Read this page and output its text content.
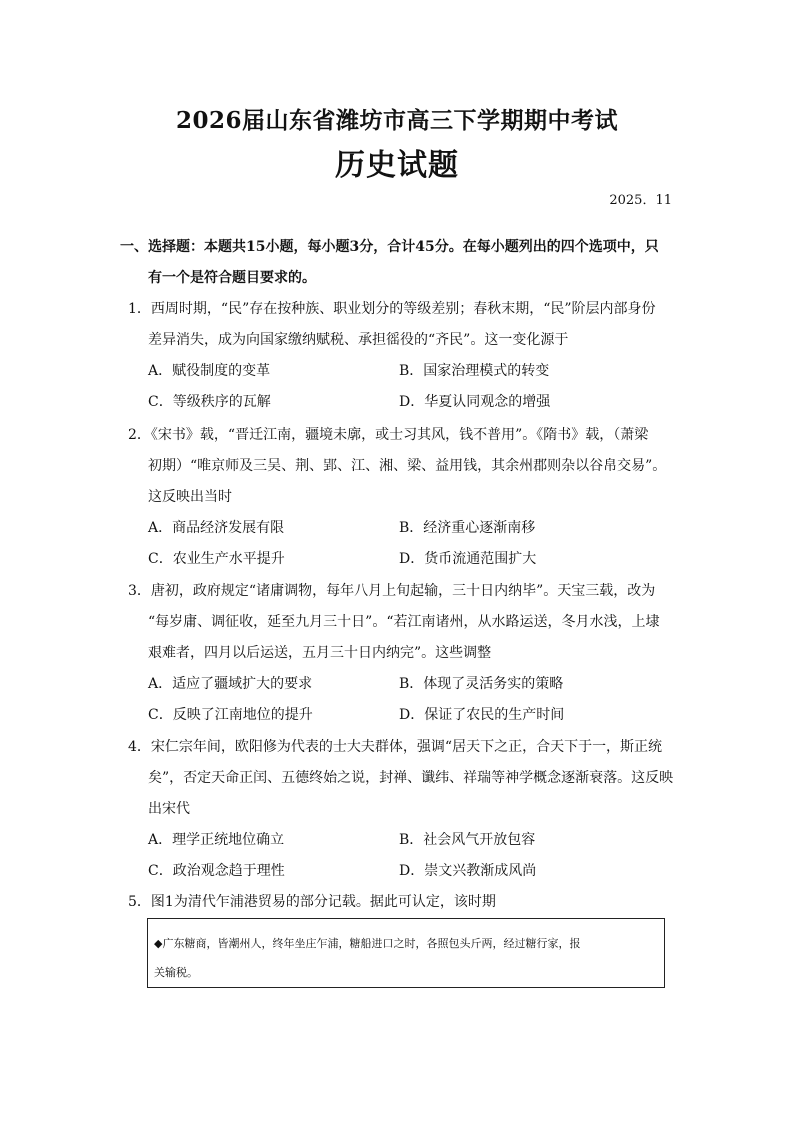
2026届山东省潍坊市高三下学期期中考试
历史试题
2025．11
一、选择题：本题共15小题，每小题3分，合计45分。在每小题列出的四个选项中，只
有一个是符合题目要求的。
1．西周时期，“民”存在按种族、职业划分的等级差别；春秋末期，“民”阶层内部身份
差异消失，成为向国家缴纳赋税、承担徭役的“齐民”。这一变化源于
A．赋役制度的变革	B．国家治理模式的转变
C．等级秩序的瓦解	D．华夏认同观念的增强
2．《宋书》载，“晋迁江南，疆境未廓，或士习其风，钱不普用”。《隋书》载，（萧梁
初期）“唯京师及三吴、荆、郢、江、湘、梁、益用钱，其余州郡则杂以谷帛交易”。
这反映出当时
A．商品经济发展有限	B．经济重心逐渐南移
C．农业生产水平提升	D．货币流通范围扩大
3．唐初，政府规定“诸庸调物，每年八月上旬起输，三十日内纳毕”。天宝三载，改为
“每岁庸、调征收，延至九月三十日”。“若江南诸州，从水路运送，冬月水浅，上埭
艰难者，四月以后运送，五月三十日内纳完”。这些调整
A．适应了疆域扩大的要求	B．体现了灵活务实的策略
C．反映了江南地位的提升	D．保证了农民的生产时间
4．宋仁宗年间，欧阳修为代表的士大夫群体，强调“居天下之正，合天下于一，斯正统
矣”，否定天命正闰、五德终始之说，封禅、谶纬、祥瑞等神学概念逐渐衰落。这反映
出宋代
A．理学正统地位确立	B．社会风气开放包容
C．政治观念趋于理性	D．崇文兴教渐成风尚
5．图1为清代乍浦港贸易的部分记载。据此可认定，该时期
◆广东糖商，皆潮州人，终年坐庄乍浦，糖船进口之时，各照包头斤两，经过糖行家，报
关输税。
